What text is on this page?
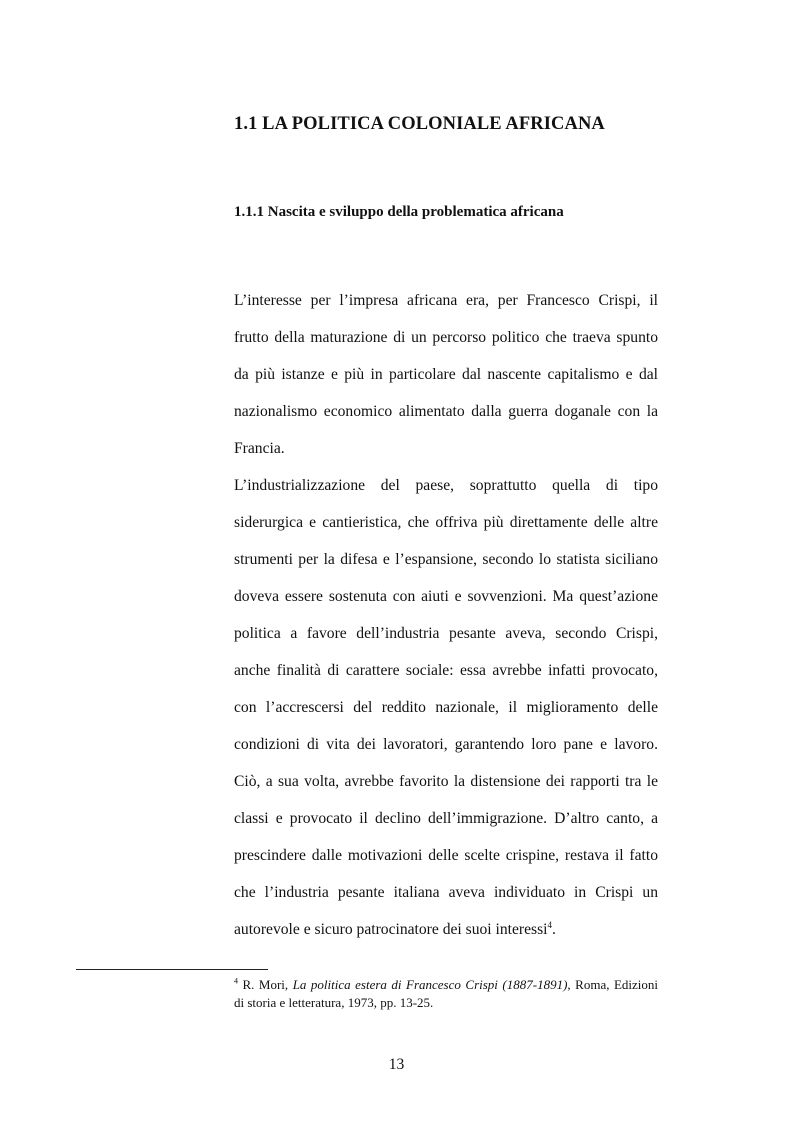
1.1 LA POLITICA COLONIALE AFRICANA
1.1.1 Nascita e sviluppo della problematica africana
L’interesse per l’impresa africana era, per Francesco Crispi, il
frutto della maturazione di un percorso politico che traeva spunto
da più istanze e più in particolare dal nascente capitalismo e dal
nazionalismo economico alimentato dalla guerra doganale con la
Francia.
L’industrializzazione del paese, soprattutto quella di tipo
siderurgica e cantieristica, che offriva più direttamente delle altre
strumenti per la difesa e l’espansione, secondo lo statista siciliano
doveva essere sostenuta con aiuti e sovvenzioni. Ma quest’azione
politica a favore dell’industria pesante aveva, secondo Crispi,
anche finalità di carattere sociale: essa avrebbe infatti provocato,
con l’accrescersi del reddito nazionale, il miglioramento delle
condizioni di vita dei lavoratori, garantendo loro pane e lavoro.
Ciò, a sua volta, avrebbe favorito la distensione dei rapporti tra le
classi e provocato il declino dell’immigrazione. D’altro canto, a
prescindere dalle motivazioni delle scelte crispine, restava il fatto
che l’industria pesante italiana aveva individuato in Crispi un
autorevole e sicuro patrocinatore dei suoi interessi$^4$.
$^4$ R. Mori, La politica estera di Francesco Crispi (1887-1891), Roma, Edizioni
di storia e letteratura, 1973, pp. 13-25.
13
